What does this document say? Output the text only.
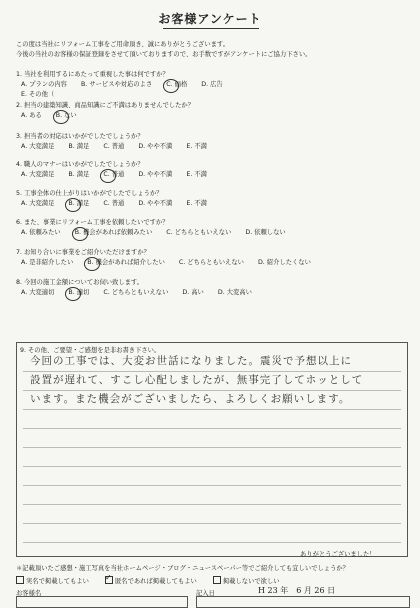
お客様アンケート
この度は当社にリフォーム工事をご用命頂き、誠にありがとうございます。
今後の当社のお客様の保証登録をさせて頂いておりますので、お手数ですがアンケートにご協力下さい。
1. 当社を利用するにあたって重視した事は何ですか？
A. プランの内容 B. サービスや対応のよさ C. 価格 D. 広告
E. その他（
2. 担当の建築知識、商品知識にご不満はありませんでしたか？
A. ある B. ない
3. 担当者の対応はいかがでしたでしょうか？
A. 大変満足 B. 満足 C. 普通 D. やや不満 E. 不満
4. 職人のマナーはいかがでしたでしょうか？
A. 大変満足 B. 満足 C. 普通 D. やや不満 E. 不満
5. 工事全体の仕上がりはいかがでしたでしょうか？
A. 大変満足 B. 満足 C. 普通 D. やや不満 E. 不満
6. また、事業にリフォーム工事を依頼したいですか？
A. 依頼みたい B. 機会があれば依頼みたい C. どちらともいえない D. 依頼しない
7. お知り合いに事業をご紹介いただけますか？
A. 是非紹介したい B. 機会があれば紹介したい C. どちらともいえない D. 紹介したくない
8. 今回の施工金額についてお伺い致します。
A. 大変適切 B. 適切 C. どちらともいえない D. 高い D. 大変高い
9. その他、ご要望・ご感想を是非お書き下さい。
今回の工事では、大変お世話になりました。震災で予想以上に
設置が遅れて、すこし心配しましたが、無事完了してホッとして
います。また機会がございましたら、よろしくお願いします。
ありがとうございました！
＊記載頂いたご感想・施工写真を当社ホームページ・ブログ・ニュースペーパー等でご紹介しても宜しいでしょうか？
実名で掲載してもよい ✓	匿名であれば掲載してもよい	掲載しないで欲しい
お客様名	記入日	H 23 年　6 月 26 日
